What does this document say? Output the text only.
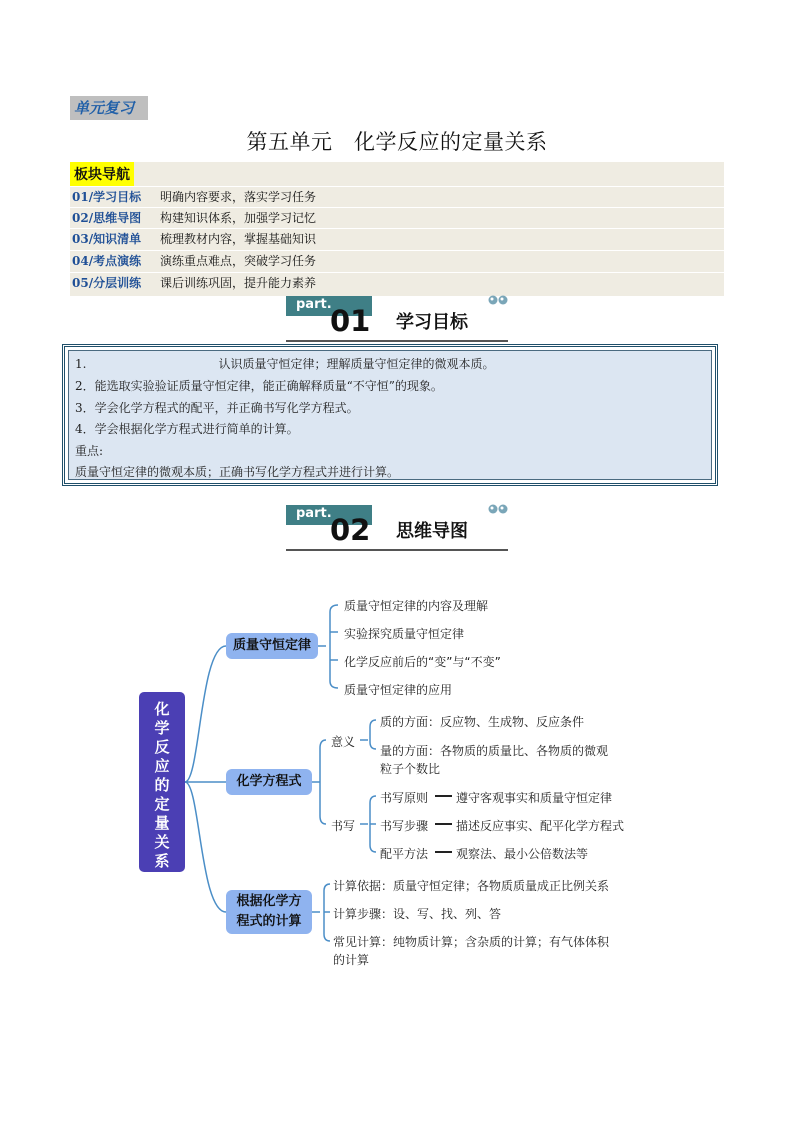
单元复习
第五单元　化学反应的定量关系
板块导航
01/学习目标 明确内容要求，落实学习任务
02/思维导图 构建知识体系，加强学习记忆
03/知识清单 梳理教材内容，掌握基础知识
04/考点演练 演练重点难点，突破学习任务
05/分层训练 课后训练巩固，提升能力素养
part.
01 学习目标
1.　　　　　　　　　　　认识质量守恒定律；理解质量守恒定律的微观本质。
2．能选取实验验证质量守恒定律，能正确解释质量“不守恒”的现象。
3．学会化学方程式的配平，并正确书写化学方程式。
4．学会根据化学方程式进行简单的计算。
重点:
质量守恒定律的微观本质；正确书写化学方程式并进行计算。
part.
02 思维导图
化
学
反
应
的
定
量
关
系
质量守恒定律
质量守恒定律的内容及理解
实验探究质量守恒定律
化学反应前后的“变”与“不变”
质量守恒定律的应用
化学方程式
意义
质的方面：反应物、生成物、反应条件
量的方面：各物质的质量比、各物质的微观
粒子个数比
书写
书写原则 遵守客观事实和质量守恒定律
书写步骤 描述反应事实、配平化学方程式
配平方法 观察法、最小公倍数法等
根据化学方
程式的计算
计算依据：质量守恒定律；各物质质量成正比例关系
计算步骤：设、写、找、列、答
常见计算：纯物质计算；含杂质的计算；有气体体积
的计算
